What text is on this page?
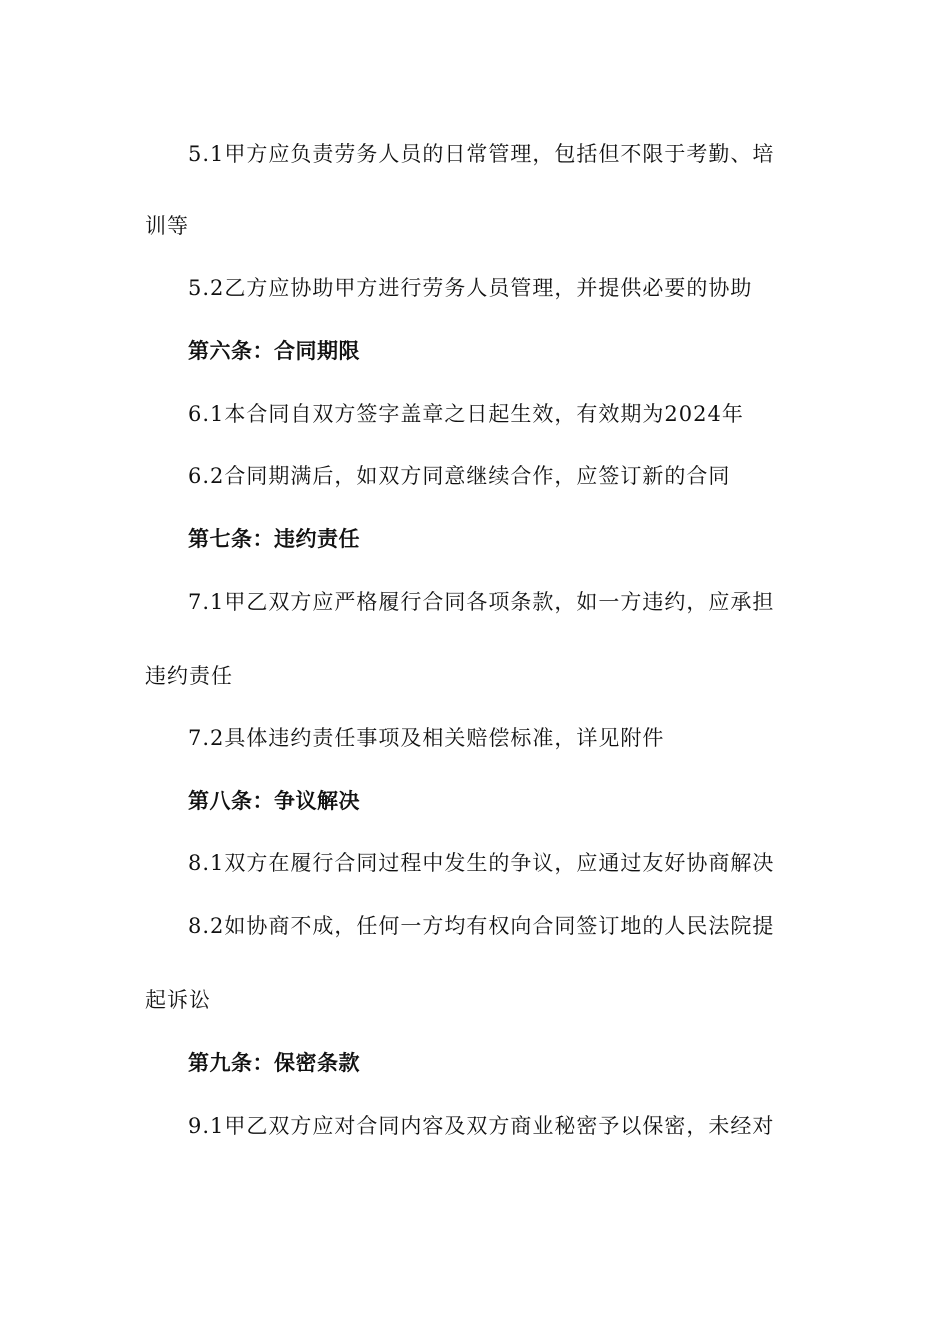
5.1甲方应负责劳务人员的日常管理，包括但不限于考勤、培
训等
5.2乙方应协助甲方进行劳务人员管理，并提供必要的协助
第六条：合同期限
6.1本合同自双方签字盖章之日起生效，有效期为2024年
6.2合同期满后，如双方同意继续合作，应签订新的合同
第七条：违约责任
7.1甲乙双方应严格履行合同各项条款，如一方违约，应承担
违约责任
7.2具体违约责任事项及相关赔偿标准，详见附件
第八条：争议解决
8.1双方在履行合同过程中发生的争议，应通过友好协商解决
8.2如协商不成，任何一方均有权向合同签订地的人民法院提
起诉讼
第九条：保密条款
9.1甲乙双方应对合同内容及双方商业秘密予以保密，未经对
